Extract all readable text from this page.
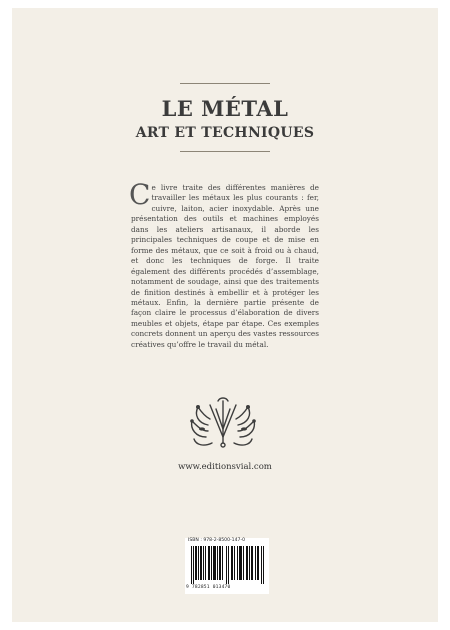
LE MÉTAL
ART ET TECHNIQUES

Ce livre traite des différentes manières de travailler les métaux les plus courants : fer, cuivre, laiton, acier inoxydable. Après une présentation des outils et machines employés dans les ateliers artisanaux, il aborde les principales techniques de coupe et de mise en forme des métaux, que ce soit à froid ou à chaud, et donc les techniques de forge. Il traite également des différents procédés d’assemblage, notamment de soudage, ainsi que des traitements de finition destinés à embellir et à protéger les métaux. Enfin, la dernière partie présente de façon claire le processus d’élaboration de divers meubles et objets, étape par étape. Ces exemples concrets donnent un aperçu des vastes ressources créatives qu’offre le travail du métal.

www.editionsvial.com
ISBN : 978-2-8500-147-0
9 782851 013470
